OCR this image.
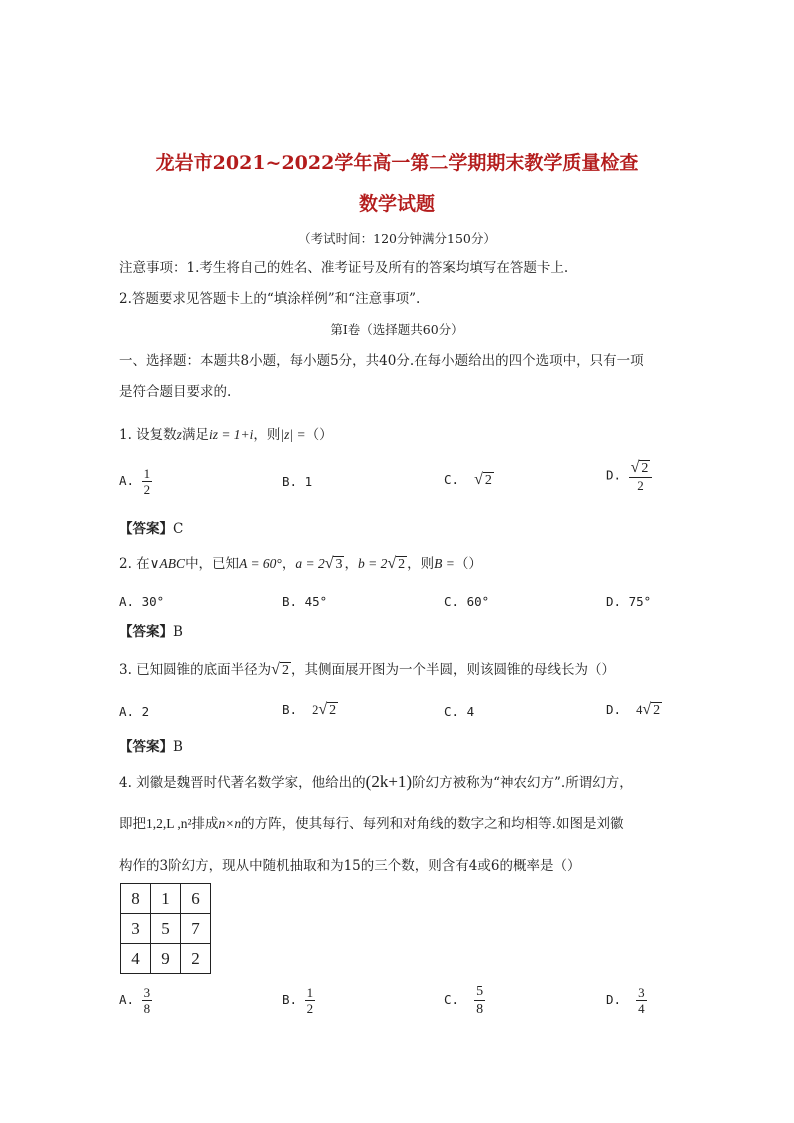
龙岩市2021~2022学年高一第二学期期末教学质量检查
数学试题
（考试时间：120分钟满分150分）
注意事项：1.考生将自己的姓名、准考证号及所有的答案均填写在答题卡上.
2.答题要求见答题卡上的“填涂样例”和“注意事项”.
第Ⅰ卷（选择题共60分）
一、选择题：本题共8小题，每小题5分，共40分.在每小题给出的四个选项中，只有一项
是符合题目要求的.
1. 设复数z满足iz = 1+i，则|z| =（）
A. $\frac{1}{2}$	B. 1	C. √ 2	D. $\frac{√ 2}{2}$
【答案】C
2. 在∨ABC中，已知A = 60°，a = 2 √ 3 ，b = 2 √ 2 ，则B =（）
A. 30°	B. 45°	C. 60°	D. 75°
【答案】B
3. 已知圆锥的底面半径为 √ 2 ，其侧面展开图为一个半圆，则该圆锥的母线长为（）
A. 2	B. 2 √ 2	C. 4	D. 4 √ 2
【答案】B
4. 刘徽是魏晋时代著名数学家，他给出的(2k+1)阶幻方被称为“神农幻方”.所谓幻方，
即把1,2,L ,n²排成n×n的方阵，使其每行、每列和对角线的数字之和均相等.如图是刘徽
构作的3阶幻方，现从中随机抽取和为15的三个数，则含有4或6的概率是（）
8	1	6
3	5	7
4	9	2
A. $\frac{3}{8}$	B. $\frac{1}{2}$	C. $\frac{5}{8}$	D. $\frac{3}{4}$
